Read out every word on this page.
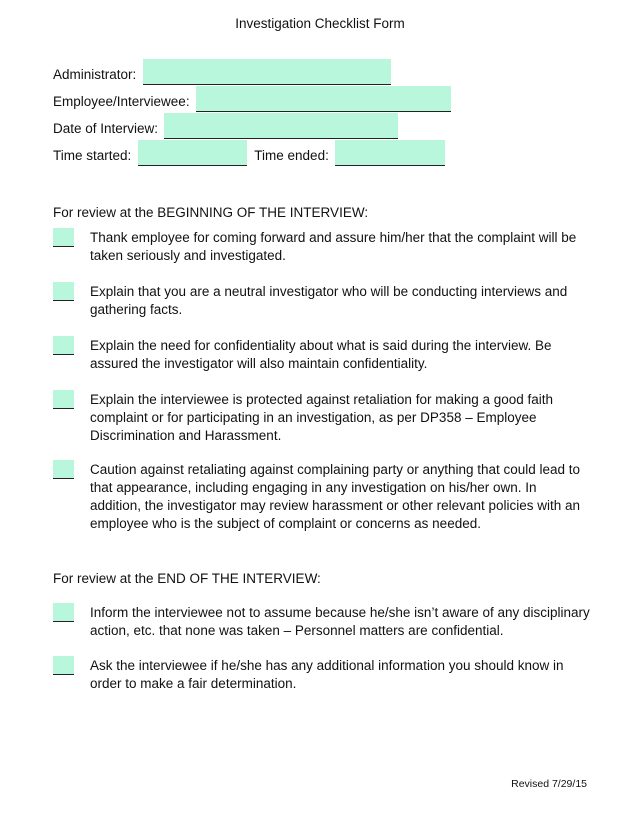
Investigation Checklist Form
Administrator:
Employee/Interviewee:
Date of Interview:
Time started:	Time ended:
For review at the BEGINNING OF THE INTERVIEW:
Thank employee for coming forward and assure him/her that the complaint will be taken seriously and investigated.
Explain that you are a neutral investigator who will be conducting interviews and gathering facts.
Explain the need for confidentiality about what is said during the interview. Be assured the investigator will also maintain confidentiality.
Explain the interviewee is protected against retaliation for making a good faith complaint or for participating in an investigation, as per DP358 – Employee Discrimination and Harassment.
Caution against retaliating against complaining party or anything that could lead to that appearance, including engaging in any investigation on his/her own. In addition, the investigator may review harassment or other relevant policies with an employee who is the subject of complaint or concerns as needed.
For review at the END OF THE INTERVIEW:
Inform the interviewee not to assume because he/she isn’t aware of any disciplinary action, etc. that none was taken – Personnel matters are confidential.
Ask the interviewee if he/she has any additional information you should know in order to make a fair determination.
Revised 7/29/15
